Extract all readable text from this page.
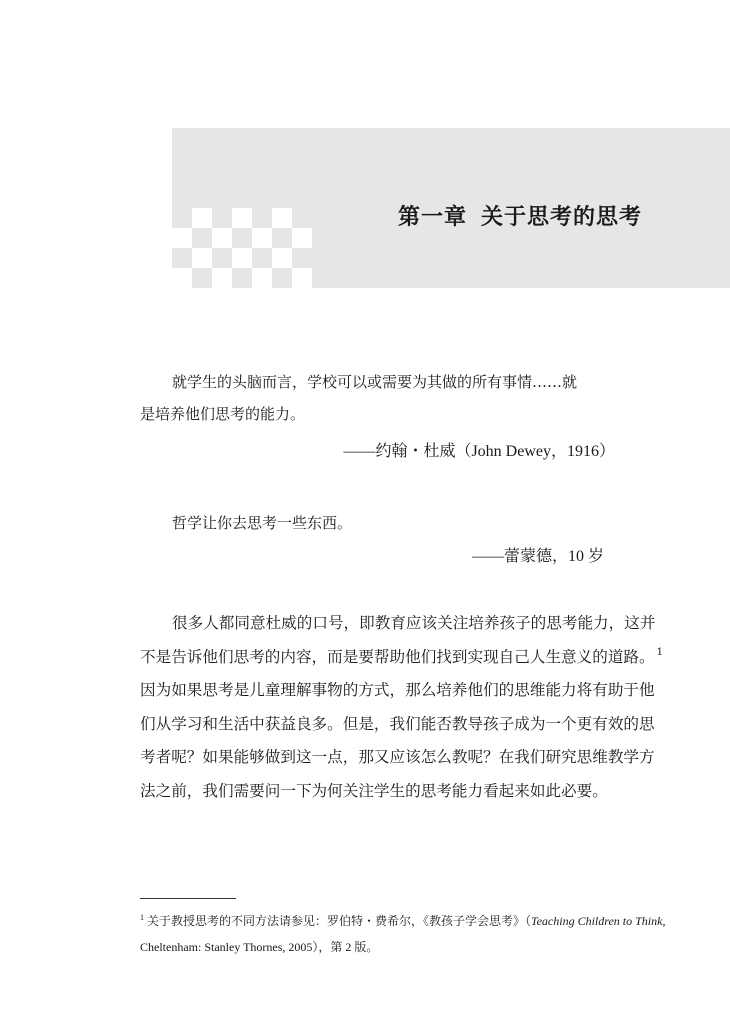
第一章 关于思考的思考
就学生的头脑而言，学校可以或需要为其做的所有事情……就
是培养他们思考的能力。
——约翰・杜威（John Dewey，1916）
哲学让你去思考一些东西。
——蕾蒙德，10 岁
很多人都同意杜威的口号，即教育应该关注培养孩子的思考能力，这并
不是告诉他们思考的内容，而是要帮助他们找到实现自己人生意义的道路。 $^1$
因为如果思考是儿童理解事物的方式，那么培养他们的思维能力将有助于他
们从学习和生活中获益良多。但是，我们能否教导孩子成为一个更有效的思
考者呢？如果能够做到这一点，那又应该怎么教呢？在我们研究思维教学方
法之前，我们需要问一下为何关注学生的思考能力看起来如此必要。
$^1$ 关于教授思考的不同方法请参见：罗伯特・费希尔，《教孩子学会思考》（Teaching Children to Think,
Cheltenham: Stanley Thornes, 2005），第 2 版。
